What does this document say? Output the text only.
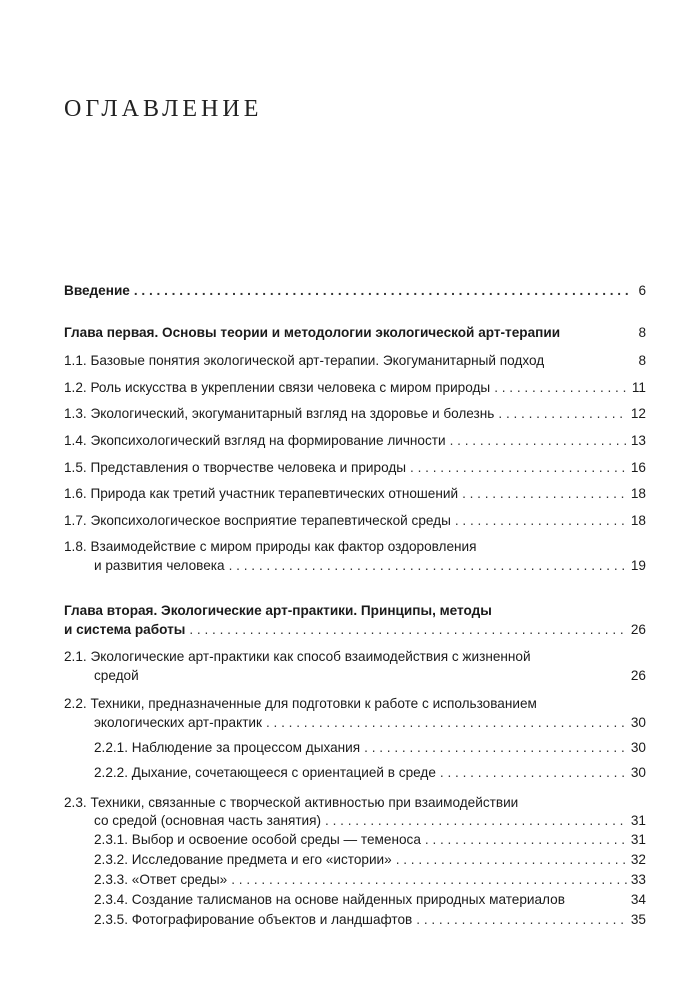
ОГЛАВЛЕНИЕ
Введение . . .	6
Глава первая. Основы теории и методологии экологической арт-терапии	8
1.1. Базовые понятия экологической арт-терапии. Экогуманитарный подход	8
1.2. Роль искусства в укреплении связи человека с миром природы . . .	11
1.3. Экологический, экогуманитарный взгляд на здоровье и болезнь . . .	12
1.4. Экопсихологический взгляд на формирование личности . . .	13
1.5. Представления о творчестве человека и природы . . .	16
1.6. Природа как третий участник терапевтических отношений . . .	18
1.7. Экопсихологическое восприятие терапевтической среды . . .	18
1.8. Взаимодействие с миром природы как фактор оздоровления
и развития человека . . .	19
Глава вторая. Экологические арт-практики. Принципы, методы
и система работы . . .	26
2.1. Экологические арт-практики как способ взаимодействия с жизненной
средой	26
2.2. Техники, предназначенные для подготовки к работе с использованием
экологических арт-практик . . .	30
2.2.1. Наблюдение за процессом дыхания . . .	30
2.2.2. Дыхание, сочетающееся с ориентацией в среде . . .	30
2.3. Техники, связанные с творческой активностью при взаимодействии
со средой (основная часть занятия) . . .	31
2.3.1. Выбор и освоение особой среды — теменоса . . .	31
2.3.2. Исследование предмета и его «истории» . . .	32
2.3.3. «Ответ среды» . . .	33
2.3.4. Создание талисманов на основе найденных природных материалов	34
2.3.5. Фотографирование объектов и ландшафтов . . .	35
